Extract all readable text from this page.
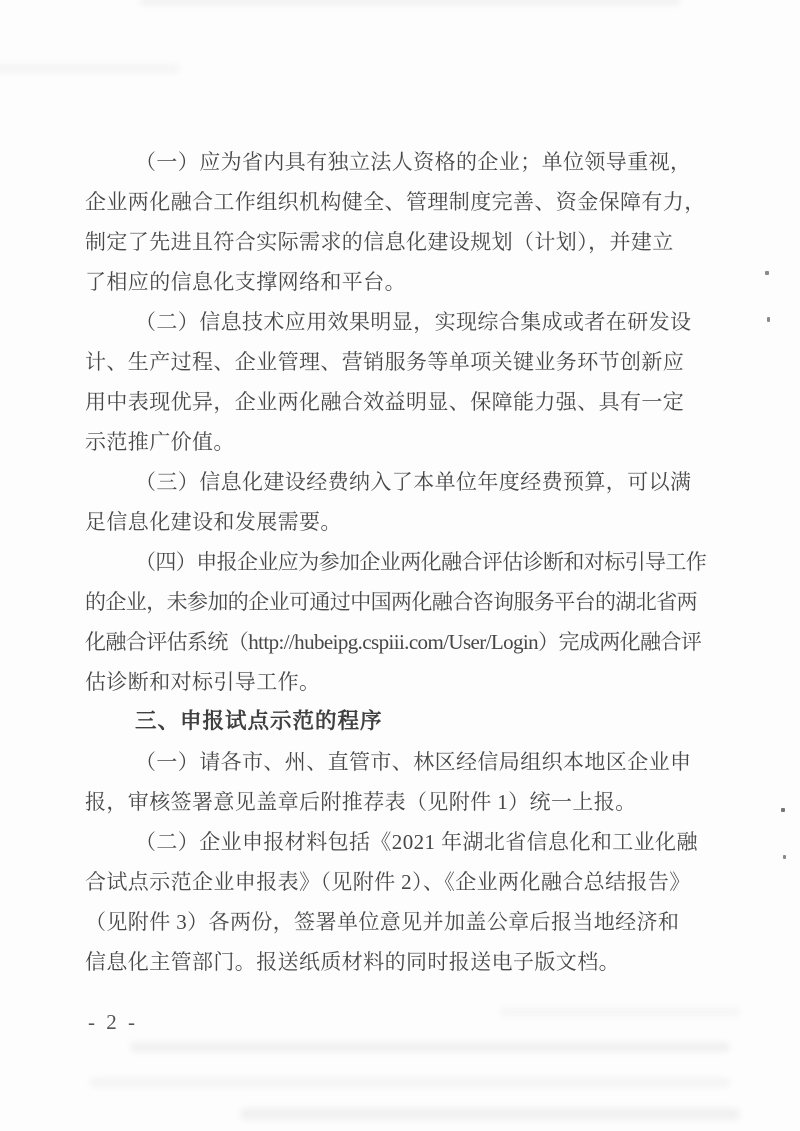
（一）应为省内具有独立法人资格的企业；单位领导重视，
企业两化融合工作组织机构健全、管理制度完善、资金保障有力，
制定了先进且符合实际需求的信息化建设规划（计划），并建立
了相应的信息化支撑网络和平台。
（二）信息技术应用效果明显，实现综合集成或者在研发设
计、生产过程、企业管理、营销服务等单项关键业务环节创新应
用中表现优异，企业两化融合效益明显、保障能力强、具有一定
示范推广价值。
（三）信息化建设经费纳入了本单位年度经费预算，可以满
足信息化建设和发展需要。
（四）申报企业应为参加企业两化融合评估诊断和对标引导工作
的企业，未参加的企业可通过中国两化融合咨询服务平台的湖北省两
化融合评估系统（http://hubeipg.cspiii.com/User/Login）完成两化融合评
估诊断和对标引导工作。
三、申报试点示范的程序
（一）请各市、州、直管市、林区经信局组织本地区企业申
报，审核签署意见盖章后附推荐表（见附件 1）统一上报。
（二）企业申报材料包括《2021 年湖北省信息化和工业化融
合试点示范企业申报表》（见附件 2）、《企业两化融合总结报告》
（见附件 3）各两份，签署单位意见并加盖公章后报当地经济和
信息化主管部门。报送纸质材料的同时报送电子版文档。
- 2 -
